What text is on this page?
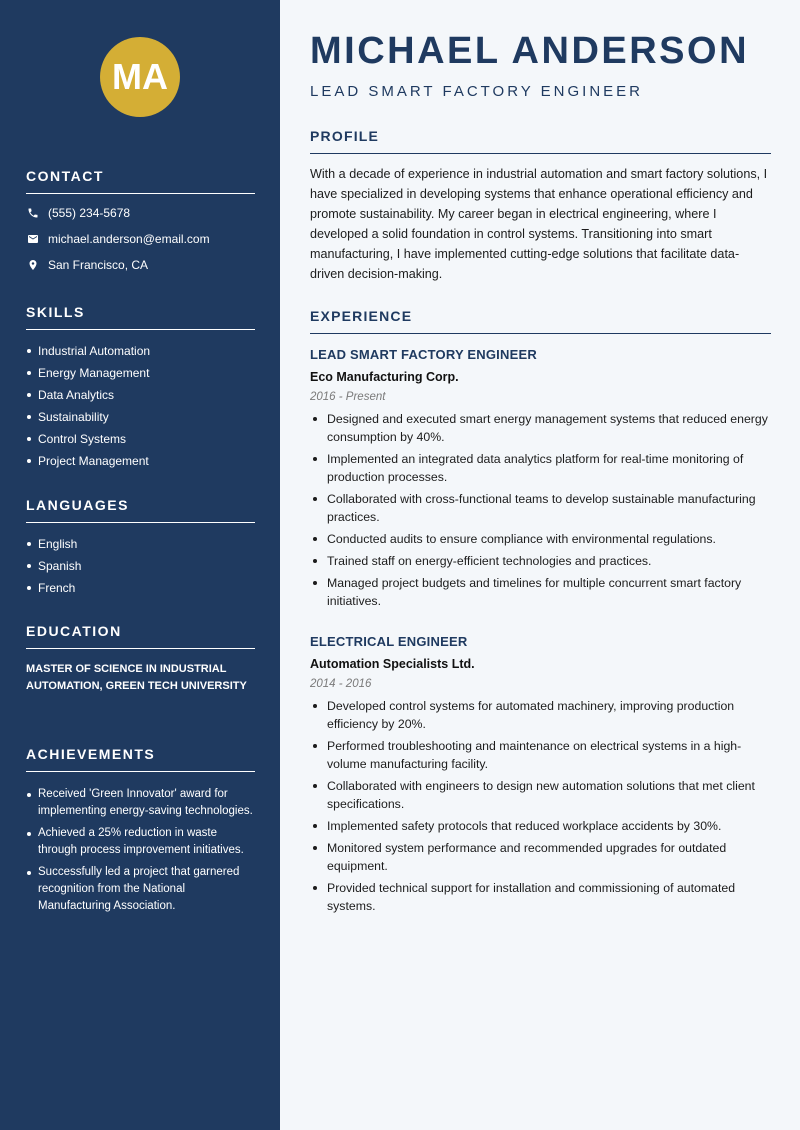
MA
CONTACT
(555) 234-5678
michael.anderson@email.com
San Francisco, CA
SKILLS
Industrial Automation
Energy Management
Data Analytics
Sustainability
Control Systems
Project Management
LANGUAGES
English
Spanish
French
EDUCATION
MASTER OF SCIENCE IN INDUSTRIAL AUTOMATION, GREEN TECH UNIVERSITY
ACHIEVEMENTS
Received 'Green Innovator' award for implementing energy-saving technologies.
Achieved a 25% reduction in waste through process improvement initiatives.
Successfully led a project that garnered recognition from the National Manufacturing Association.
MICHAEL ANDERSON
LEAD SMART FACTORY ENGINEER
PROFILE
With a decade of experience in industrial automation and smart factory solutions, I have specialized in developing systems that enhance operational efficiency and promote sustainability. My career began in electrical engineering, where I developed a solid foundation in control systems. Transitioning into smart manufacturing, I have implemented cutting-edge solutions that facilitate data-driven decision-making.
EXPERIENCE
LEAD SMART FACTORY ENGINEER
Eco Manufacturing Corp.
2016 - Present
Designed and executed smart energy management systems that reduced energy consumption by 40%.
Implemented an integrated data analytics platform for real-time monitoring of production processes.
Collaborated with cross-functional teams to develop sustainable manufacturing practices.
Conducted audits to ensure compliance with environmental regulations.
Trained staff on energy-efficient technologies and practices.
Managed project budgets and timelines for multiple concurrent smart factory initiatives.
ELECTRICAL ENGINEER
Automation Specialists Ltd.
2014 - 2016
Developed control systems for automated machinery, improving production efficiency by 20%.
Performed troubleshooting and maintenance on electrical systems in a high-volume manufacturing facility.
Collaborated with engineers to design new automation solutions that met client specifications.
Implemented safety protocols that reduced workplace accidents by 30%.
Monitored system performance and recommended upgrades for outdated equipment.
Provided technical support for installation and commissioning of automated systems.
